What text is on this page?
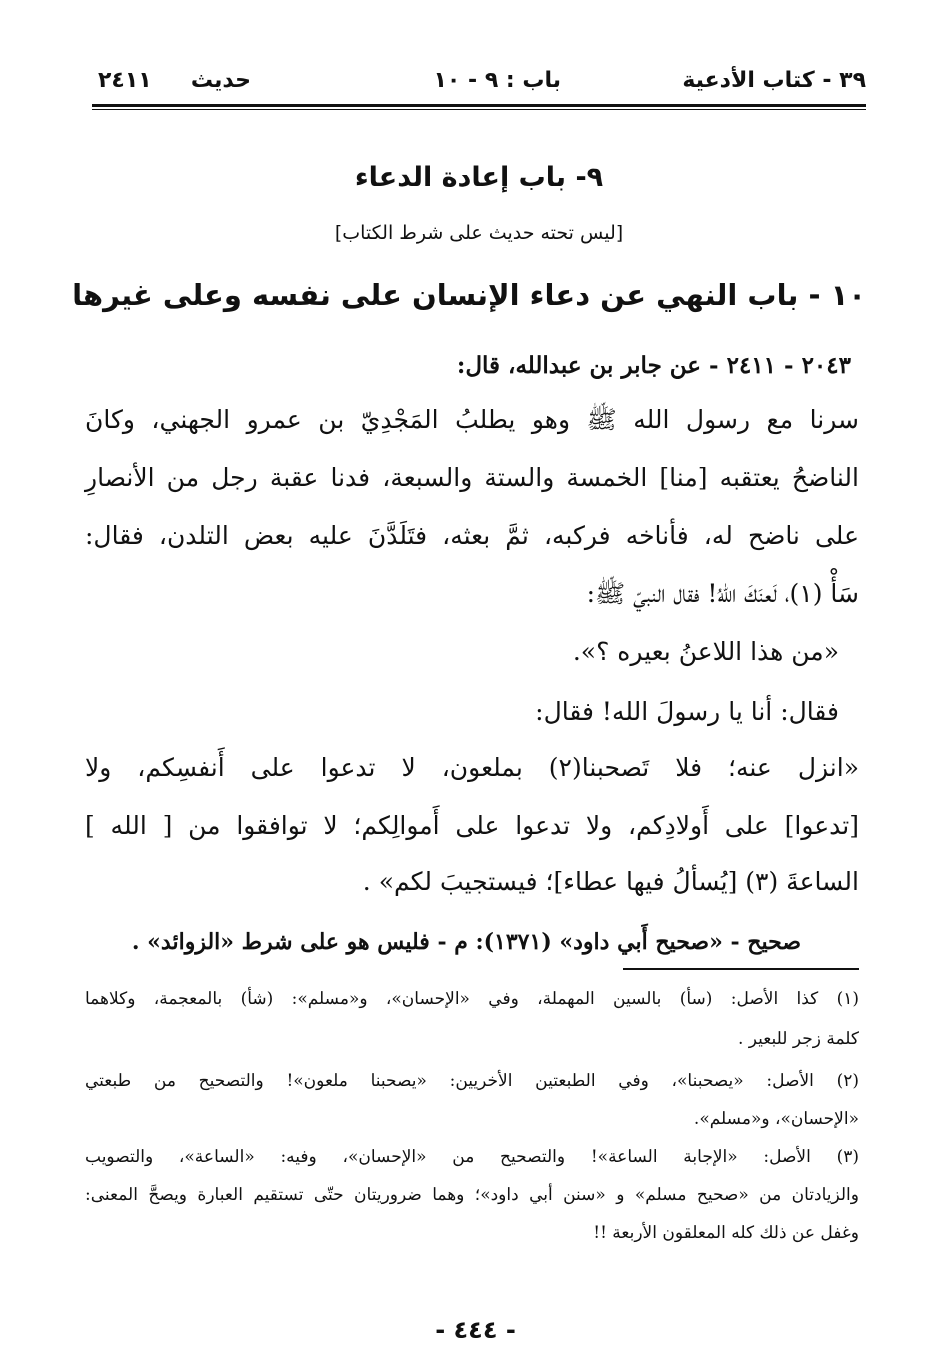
٣٩ - كتاب الأدعية
باب : ٩ - ١٠
حديث
٢٤١١
٩- باب إعادة الدعاء
[ليس تحته حديث على شرط الكتاب]
١٠ - باب النهي عن دعاء الإنسان على نفسه وعلى غيرها
٢٠٤٣ - ٢٤١١ - عن جابر بن عبدالله، قال:
سرنا مع رسول الله ﷺ وهو يطلبُ المَجْدِيّ بن عمرو الجهني، وكانَ
الناضحُ يعتقبه [منا] الخمسة والستة والسبعة، فدنا عقبة رجل من الأنصارِ
على ناضح له، فأناخه فركبه، ثمَّ بعثه، فتَلَدَّنَ عليه بعض التلدن، فقال:
سَأْ (١)، لَعنَكَ اللهُ! فقال النبيّ ﷺ:
«من هذا اللاعنُ بعيره ؟».
فقال: أنا يا رسولَ الله! فقال:
«انزل عنه؛ فلا تَصحبنا(٢) بملعون، لا تدعوا على أَنفسِكم، ولا
[تدعوا] على أَولادِكم، ولا تدعوا على أَموالِكم؛ لا توافقوا من [ الله ]
الساعةَ (٣) [يُسألُ فيها عطاء]؛ فيستجيبَ لكم» .
صحيح - «صحيح أَبي داود» (١٣٧١): م - فليس هو على شرط «الزوائد» .
(١) كذا الأصل: (سأ) بالسين المهملة، وفي «الإحسان»، و«مسلم»: (شأ) بالمعجمة، وكلاهما
كلمة زجر للبعير .
(٢) الأصل: «يصحبنا»، وفي الطبعتين الأخريين: «يصحبنا ملعون»! والتصحيح من طبعتي
«الإحسان»، و«مسلم».
(٣) الأصل: «الإجابة الساعة»! والتصحيح من «الإحسان»، وفيه: «الساعة»، والتصويب
والزيادتان من «صحيح مسلم» و «سنن أبي داود»؛ وهما ضروريتان حتّى تستقيم العبارة ويصحَّ المعنى:
وغفل عن ذلك كله المعلقون الأربعة !!
- ٤٤٤ -
